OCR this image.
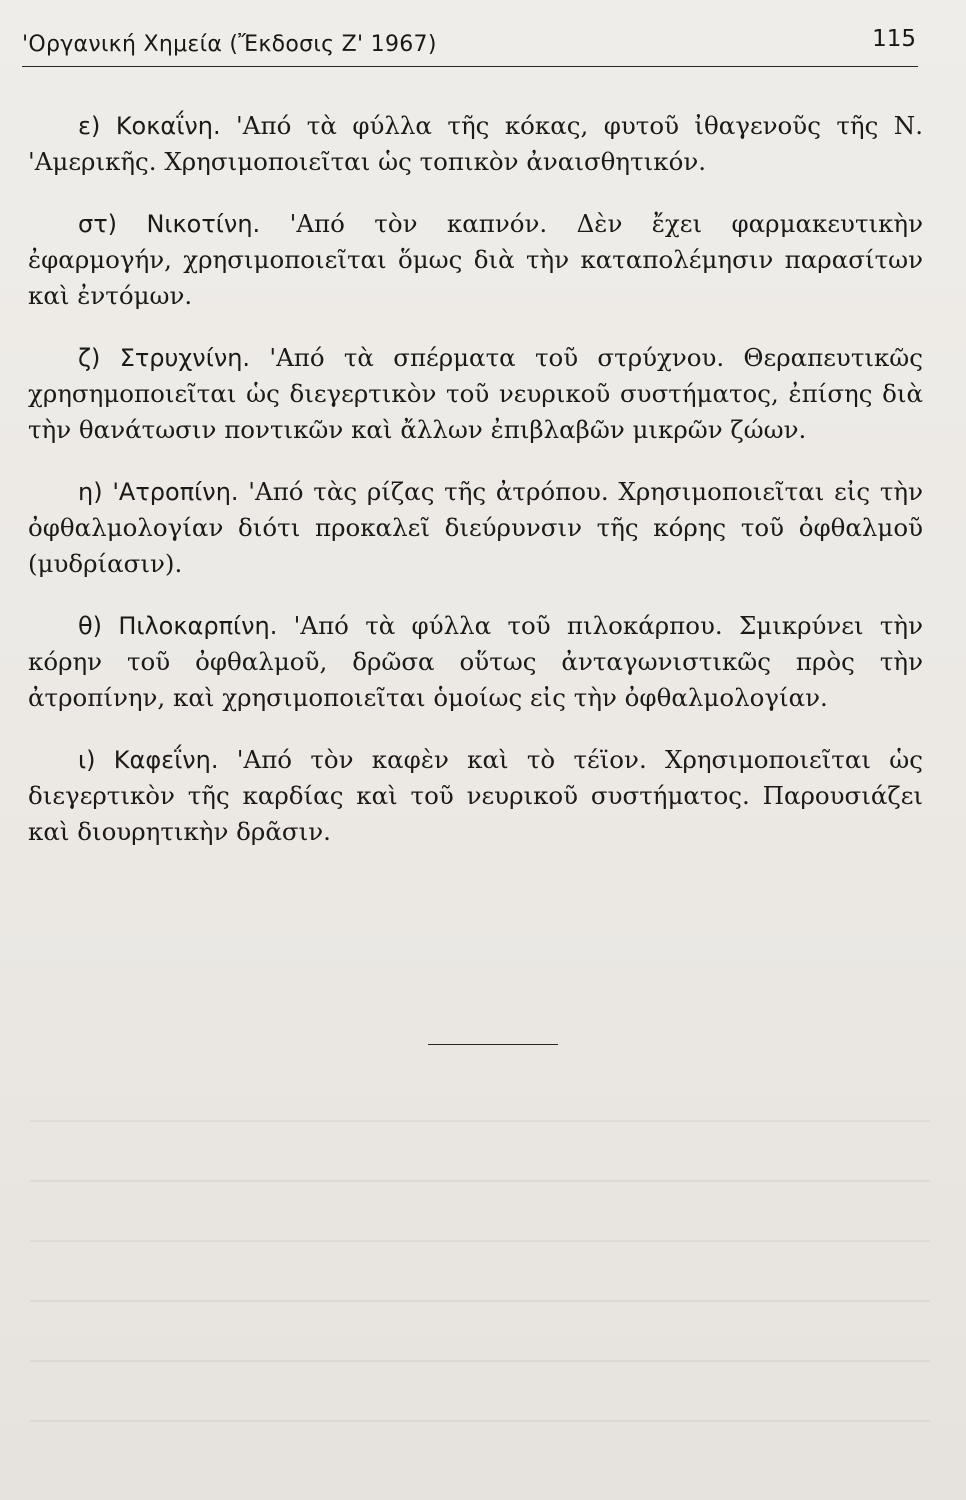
'Οργανική Χημεία (Ἔκδοσις Ζ' 1967)	115

ε) Κοκαΐνη. 'Από τὰ φύλλα τῆς κόκας, φυτοῦ ἰθαγενοῦς τῆς Ν. 'Αμερικῆς. Χρησιμοποιεῖται ὡς τοπικὸν ἀναισθητικόν.

στ) Νικοτίνη. 'Από τὸν καπνόν. Δὲν ἔχει φαρμακευτικὴν ἐφαρμογήν, χρησιμοποιεῖται ὅμως διὰ τὴν καταπολέμησιν παρασίτων καὶ ἐντόμων.

ζ) Στρυχνίνη. 'Από τὰ σπέρματα τοῦ στρύχνου. Θεραπευτικῶς χρησημοποιεῖται ὡς διεγερτικὸν τοῦ νευρικοῦ συστήματος, ἐπίσης διὰ τὴν θανάτωσιν ποντικῶν καὶ ἄλλων ἐπιβλαβῶν μικρῶν ζώων.

η) 'Ατροπίνη. 'Από τὰς ρίζας τῆς ἀτρόπου. Χρησιμοποιεῖται εἰς τὴν ὀφθαλμολογίαν διότι προκαλεῖ διεύρυνσιν τῆς κόρης τοῦ ὀφθαλμοῦ (μυδρίασιν).

θ) Πιλοκαρπίνη. 'Από τὰ φύλλα τοῦ πιλοκάρπου. Σμικρύνει τὴν κόρην τοῦ ὀφθαλμοῦ, δρῶσα οὕτως ἀνταγωνιστικῶς πρὸς τὴν ἀτροπίνην, καὶ χρησιμοποιεῖται ὁμοίως εἰς τὴν ὀφθαλμολογίαν.

ι) Καφεΐνη. 'Από τὸν καφὲν καὶ τὸ τέϊον. Χρησιμοποιεῖται ὡς διεγερτικὸν τῆς καρδίας καὶ τοῦ νευρικοῦ συστήματος. Παρουσιάζει καὶ διουρητικὴν δρᾶσιν.
